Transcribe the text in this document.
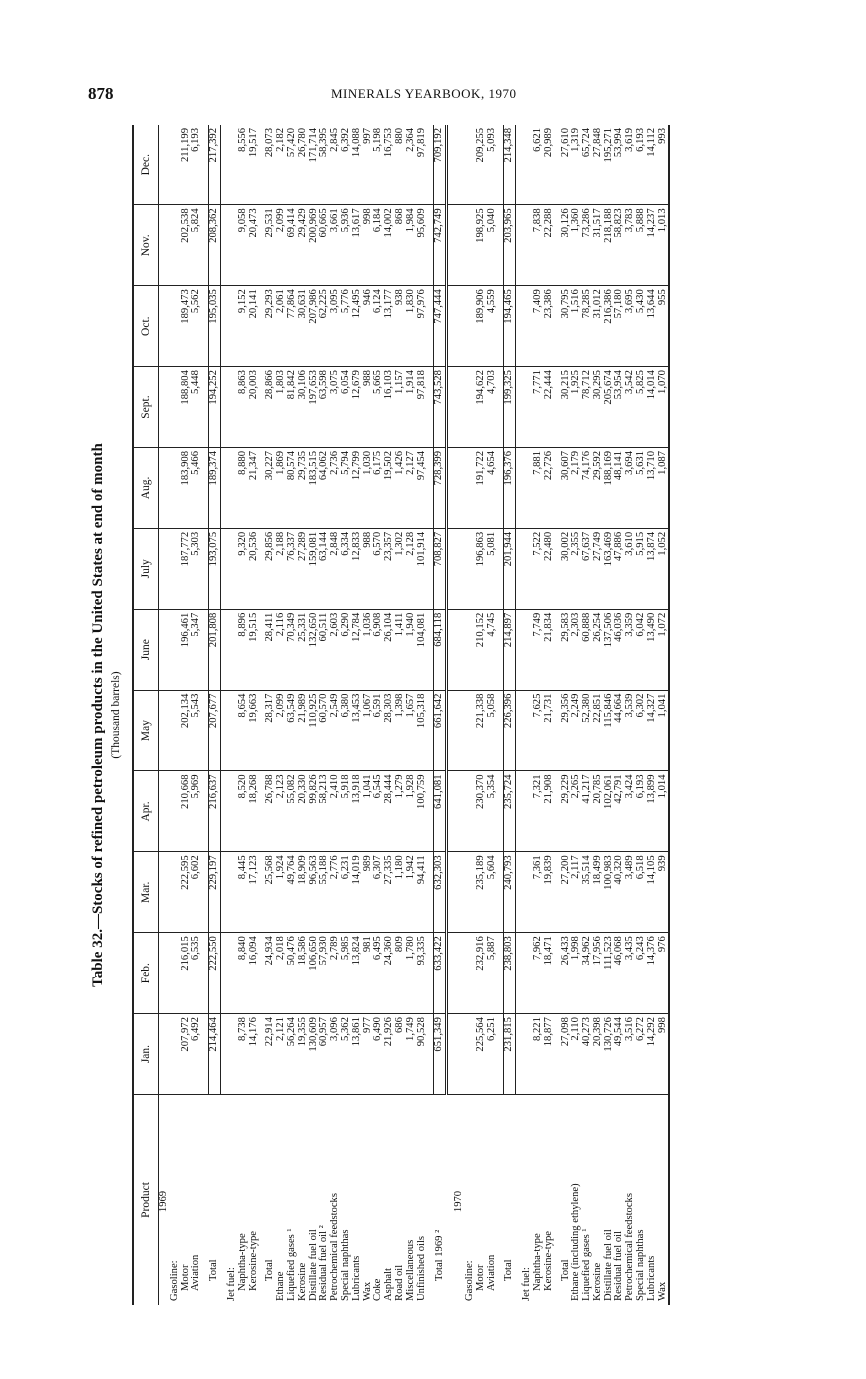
878	MINERALS YEARBOOK, 1970
Table 32.—Stocks of refined petroleum products in the United States at end of month (Thousand barrels)
Product	Jan.	Feb.	Mar.	Apr.	May	June	July	Aug.	Sept.	Oct.	Nov.	Dec.
1969												
Gasoline:												
Motor	207,972	216,015	222,595	210,668	202,134	196,461	187,772	183,908	188,804	189,473	202,538	211,199
Aviation	6,492	6,535	6,602	5,969	5,543	5,347	5,303	5,466	5,448	5,562	5,824	6,193

Total	214,464	222,550	229,197	216,637	207,677	201,808	193,075	189,374	194,252	195,035	208,362	217,392

Jet fuel:												
Naphtha-type	8,738	8,840	8,445	8,520	8,654	8,896	9,320	8,880	8,863	9,152	9,058	8,556
Kerosine-type	14,176	16,094	17,123	18,268	19,663	19,515	20,536	21,347	20,003	20,141	20,473	19,517

Total	22,914	24,934	25,568	26,788	28,317	28,411	29,856	30,227	28,866	29,293	29,531	28,073
Ethane	2,121	2,018	1,924	2,123	2,099	2,116	2,188	1,869	1,803	2,061	2,099	2,182
Liquefied gases ¹	56,264	50,476	49,764	55,082	63,549	70,349	76,337	80,574	81,842	77,864	69,414	57,420
Kerosine	19,355	18,586	18,909	20,330	21,989	25,331	27,289	29,735	30,106	30,631	29,429	26,780
Distillate fuel oil	130,609	106,650	96,563	99,826	110,925	132,650	159,081	183,515	197,653	207,986	200,969	171,714
Residual fuel oil ²	60,957	57,930	55,188	58,213	60,570	60,511	63,144	64,062	63,598	62,225	60,665	58,395
Petrochemical feedstocks	3,096	2,789	2,776	2,410	2,549	2,603	2,848	2,736	3,075	3,095	3,661	2,845
Special naphthas	5,362	5,985	6,231	5,918	6,380	6,290	6,334	5,794	6,054	5,776	5,936	6,392
Lubricants	13,861	13,824	14,019	13,918	13,453	12,784	12,833	12,799	12,679	12,495	13,617	14,088
Wax	977	981	989	1,041	1,067	1,036	988	1,030	988	946	998	997
Coke	6,490	6,495	6,307	6,545	6,591	6,908	6,570	6,175	5,665	6,124	6,184	5,198
Asphalt	21,926	24,360	27,335	28,444	28,303	26,104	23,357	19,502	16,103	13,177	14,002	16,753
Road oil	686	809	1,180	1,279	1,398	1,411	1,302	1,426	1,157	938	868	880
Miscellaneous	1,749	1,780	1,942	1,928	1,657	1,940	2,128	2,127	1,914	1,830	1,984	2,364
Unfinished oils	90,528	93,335	94,411	100,759	105,318	104,081	101,914	97,454	97,818	97,976	95,609	97,819

Total 1969 ²	651,349	633,422	632,303	641,081	661,642	684,118	708,827	728,399	743,528	747,444	742,749	709,192

1970												
Gasoline:												
Motor	225,564	232,916	235,189	230,370	221,338	210,152	196,863	191,722	194,622	189,906	198,925	209,255
Aviation	6,251	5,887	5,604	5,354	5,058	4,745	5,081	4,654	4,703	4,559	5,040	5,093

Total	231,815	238,803	240,793	235,724	226,396	214,897	201,944	196,376	199,325	194,465	203,965	214,348

Jet fuel:												
Naphtha-type	8,221	7,962	7,361	7,321	7,625	7,749	7,522	7,881	7,771	7,409	7,838	6,621
Kerosine-type	18,877	18,471	19,839	21,908	21,731	21,834	22,480	22,726	22,444	23,386	22,288	20,989

Total	27,098	26,433	27,200	29,229	29,356	29,583	30,002	30,607	30,215	30,795	30,126	27,610
Ethane (including ethylene)	2,110	1,998	2,117	2,265	2,249	2,303	2,355	2,179	1,925	1,516	1,360	1,319
Liquefied gases ¹	40,273	34,962	35,514	41,217	52,380	60,888	67,637	74,176	78,712	78,285	73,286	65,724
Kerosine	20,398	17,956	18,499	20,785	22,851	26,254	27,749	29,592	30,295	31,012	31,517	27,848
Distillate fuel oil	130,726	111,523	100,983	102,061	115,846	137,506	163,469	188,169	205,674	216,386	218,188	195,271
Residual fuel oil	49,544	46,068	40,320	42,791	44,664	46,036	47,886	48,141	53,954	57,180	58,823	53,994
Petrochemical feedstocks	3,516	3,435	3,489	3,424	3,539	3,359	3,610	3,694	3,542	3,695	3,783	3,619
Special naphthas	6,272	6,243	6,518	6,193	6,302	6,042	5,915	5,631	5,825	5,430	5,888	6,193
Lubricants	14,292	14,376	14,105	13,899	14,327	13,490	13,874	13,710	14,014	13,644	14,237	14,112
Wax	998	976	939	1,014	1,041	1,072	1,052	1,087	1,070	955	1,013	993
